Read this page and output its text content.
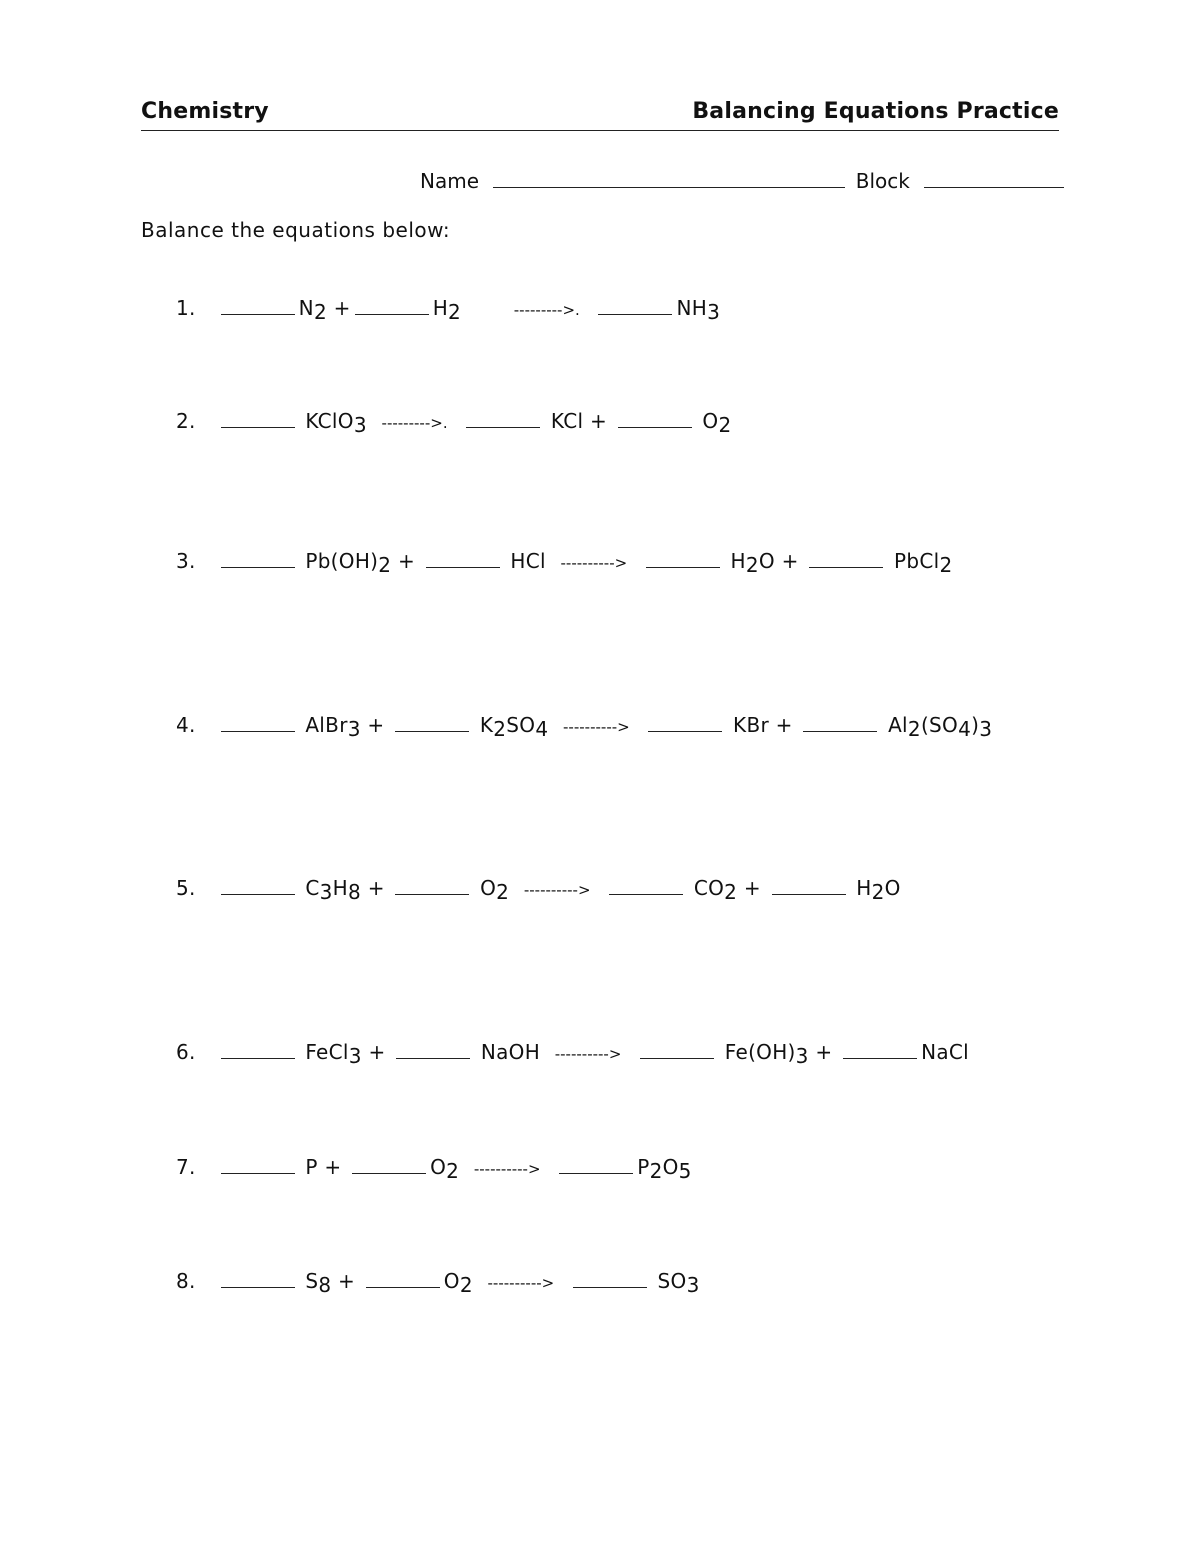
Chemistry	Balancing Equations Practice
Name	Block
Balance the equations below:
1.	N2 +	H2	--------->.	NH3
2.	KClO3 --------->.	KCl +	O2
3.	Pb(OH)2 +	HCl ---------->	H2O +	PbCl2
4.	AlBr3 +	K2SO4 ---------->	KBr +	Al2(SO4)3
5.	C3H8 +	O2 ---------->	CO2 +	H2O
6.	FeCl3 +	NaOH ---------->	Fe(OH)3 +	NaCl
7.	P +	O2 ---------->	P2O5
8.	S8 +	O2 ---------->	SO3
